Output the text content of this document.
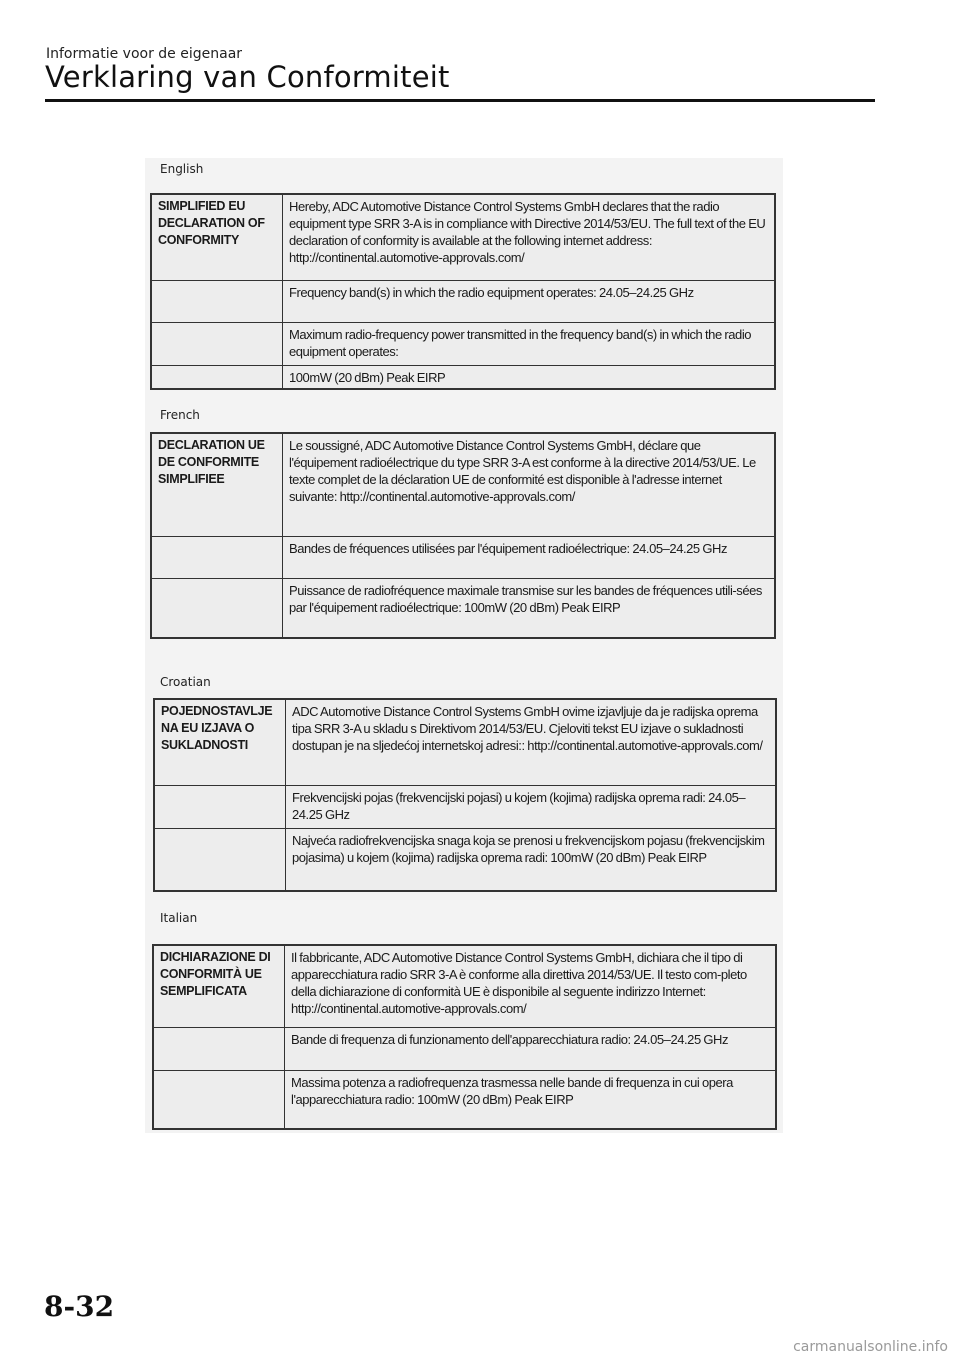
Informatie voor de eigenaar
Verklaring van Conformiteit
English
SIMPLIFIED EU DECLARATION OF CONFORMITY	Hereby, ADC Automotive Distance Control Systems GmbH declares that the radio equipment type SRR 3-A is in compliance with Directive 2014/53/EU. The full text of the EU declaration of conformity is available at the following internet address: http://continental.automotive-approvals.com/
	Frequency band(s) in which the radio equipment operates: 24.05–24.25 GHz
	Maximum radio-frequency power transmitted in the frequency band(s) in which the radio equipment operates:
	100mW (20 dBm) Peak EIRP
French
DECLARATION UE DE CONFORMITE SIMPLIFIEE	Le soussigné, ADC Automotive Distance Control Systems GmbH, déclare que l'équipement radioélectrique du type SRR 3-A est conforme à la directive 2014/53/UE. Le texte complet de la déclaration UE de conformité est disponible à l'adresse internet suivante: http://continental.automotive-approvals.com/
	Bandes de fréquences utilisées par l'équipement radioélectrique: 24.05–24.25 GHz
	Puissance de radiofréquence maximale transmise sur les bandes de fréquences utili-sées par l'équipement radioélectrique: 100mW (20 dBm) Peak EIRP
Croatian
POJEDNOSTAVLJE NA EU IZJAVA O SUKLADNOSTI	ADC Automotive Distance Control Systems GmbH ovime izjavljuje da je radijska oprema tipa SRR 3-A u skladu s Direktivom 2014/53/EU. Cjeloviti tekst EU izjave o sukladnosti dostupan je na sljedećoj internetskoj adresi:: http://continental.automotive-approvals.com/
	Frekvencijski pojas (frekvencijski pojasi) u kojem (kojima) radijska oprema radi: 24.05–24.25 GHz
	Najveća radiofrekvencijska snaga koja se prenosi u frekvencijskom pojasu (frekvencijskim pojasima) u kojem (kojima) radijska oprema radi: 100mW (20 dBm) Peak EIRP
Italian
DICHIARAZIONE DI CONFORMITÀ UE SEMPLIFICATA	Il fabbricante, ADC Automotive Distance Control Systems GmbH, dichiara che il tipo di apparecchiatura radio SRR 3-A è conforme alla direttiva 2014/53/UE. Il testo com-pleto della dichiarazione di conformità UE è disponibile al seguente indirizzo Internet: http://continental.automotive-approvals.com/
	Bande di frequenza di funzionamento dell'apparecchiatura radio: 24.05–24.25 GHz
	Massima potenza a radiofrequenza trasmessa nelle bande di frequenza in cui opera l'apparecchiatura radio: 100mW (20 dBm) Peak EIRP
8-32
carmanualsonline.info
